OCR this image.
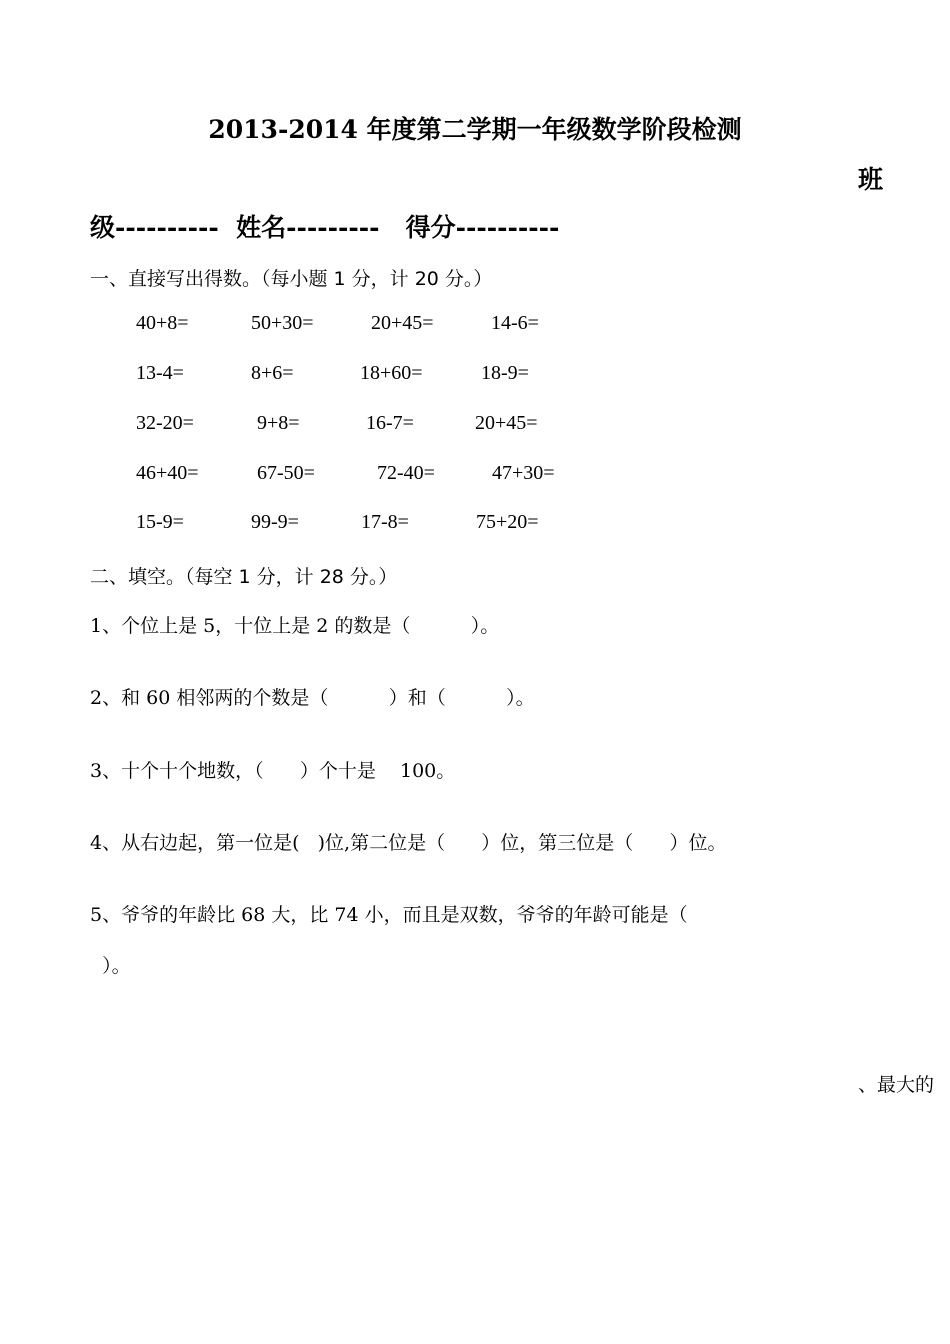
2013-2014 年度第二学期一年级数学阶段检测
班
级----------  姓名---------   得分----------
一、直接写出得数。（每小题 1 分，计 20 分。）
40+8=	50+30=	20+45=	14-6=
13-4=	8+6=	18+60=	18-9=
32-20=	9+8=	16-7=	20+45=
46+40=	67-50=	72-40=	47+30=
15-9=	99-9=	17-8=	75+20=
二、填空。（每空 1 分，计 28 分。）
1、个位上是 5，十位上是 2 的数是（          ）。
2、和 60 相邻两的个数是（          ）和（          ）。
3、十个十个地数，（      ）个十是    100。
4、从右边起，第一位是(   )位,第二位是（      ）位，第三位是（      ）位。
5、爷爷的年龄比 68 大，比 74 小，而且是双数，爷爷的年龄可能是（
）。
、最大的
